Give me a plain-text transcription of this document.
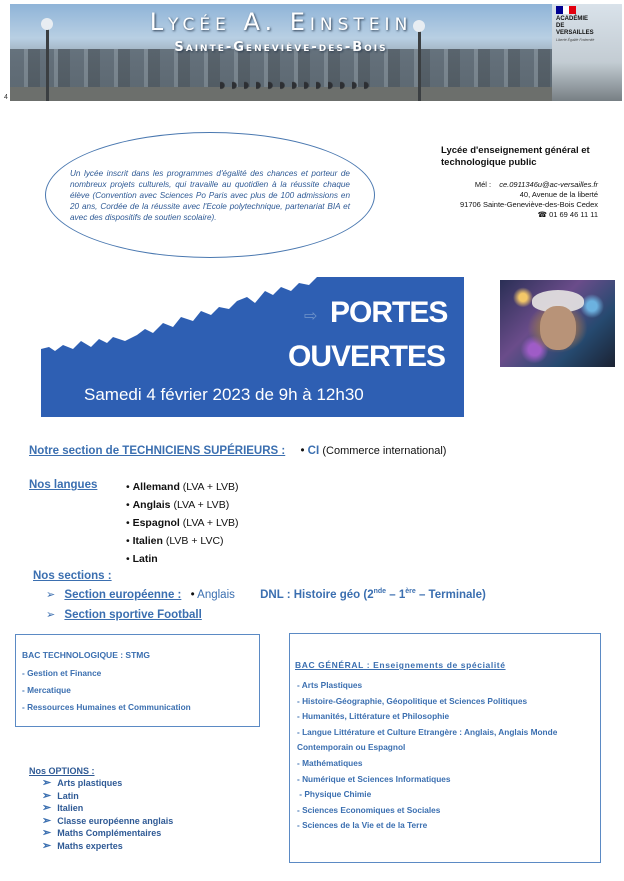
Lycée A. Einstein
Sainte-Geneviève-des-Bois
4
ACADÉMIE
DE VERSAILLES
Liberté Égalité Fraternité

Un lycée inscrit dans les programmes d'égalité des chances et porteur de nombreux projets culturels, qui travaille au quotidien à la réussite chaque élève (Convention avec Sciences Po Paris avec plus de 100 admissions en 20 ans, Cordée de la réussite avec l'Ecole polytechnique, partenariat BIA et avec des dispositifs de soutien scolaire).

Lycée d'enseignement général et technologique public
Mél : ce.0911346u@ac-versailles.fr
40, Avenue de la liberté
91706 Sainte-Geneviève-des-Bois Cedex
☎ 01 69 46 11 11
⇨ PORTES
OUVERTES
Samedi 4 février 2023 de 9h à 12h30
Notre section de TECHNICIENS SUPÉRIEURS : • CI (Commerce international)
Nos langues	• Allemand (LVA + LVB)
• Anglais (LVA + LVB)
• Espagnol (LVA + LVB)
• Italien (LVB + LVC)
• Latin
Nos sections :
➢ Section européenne : • Anglais DNL : Histoire géo (2nde – 1ère – Terminale)
➢ Section sportive Football
BAC TECHNOLOGIQUE : STMG
- Gestion et Finance
- Mercatique
- Ressources Humaines et Communication
Nos OPTIONS :
➢ Arts plastiques
➢ Latin
➢ Italien
➢ Classe européenne anglais
➢ Maths Complémentaires
➢ Maths expertes
BAC GÉNÉRAL : Enseignements de spécialité
- Arts Plastiques
- Histoire-Géographie, Géopolitique et Sciences Politiques
- Humanités, Littérature et Philosophie
- Langue Littérature et Culture Etrangère : Anglais, Anglais Monde
Contemporain ou Espagnol
- Mathématiques
- Numérique et Sciences Informatiques
- Physique Chimie
- Sciences Economiques et Sociales
- Sciences de la Vie et de la Terre
